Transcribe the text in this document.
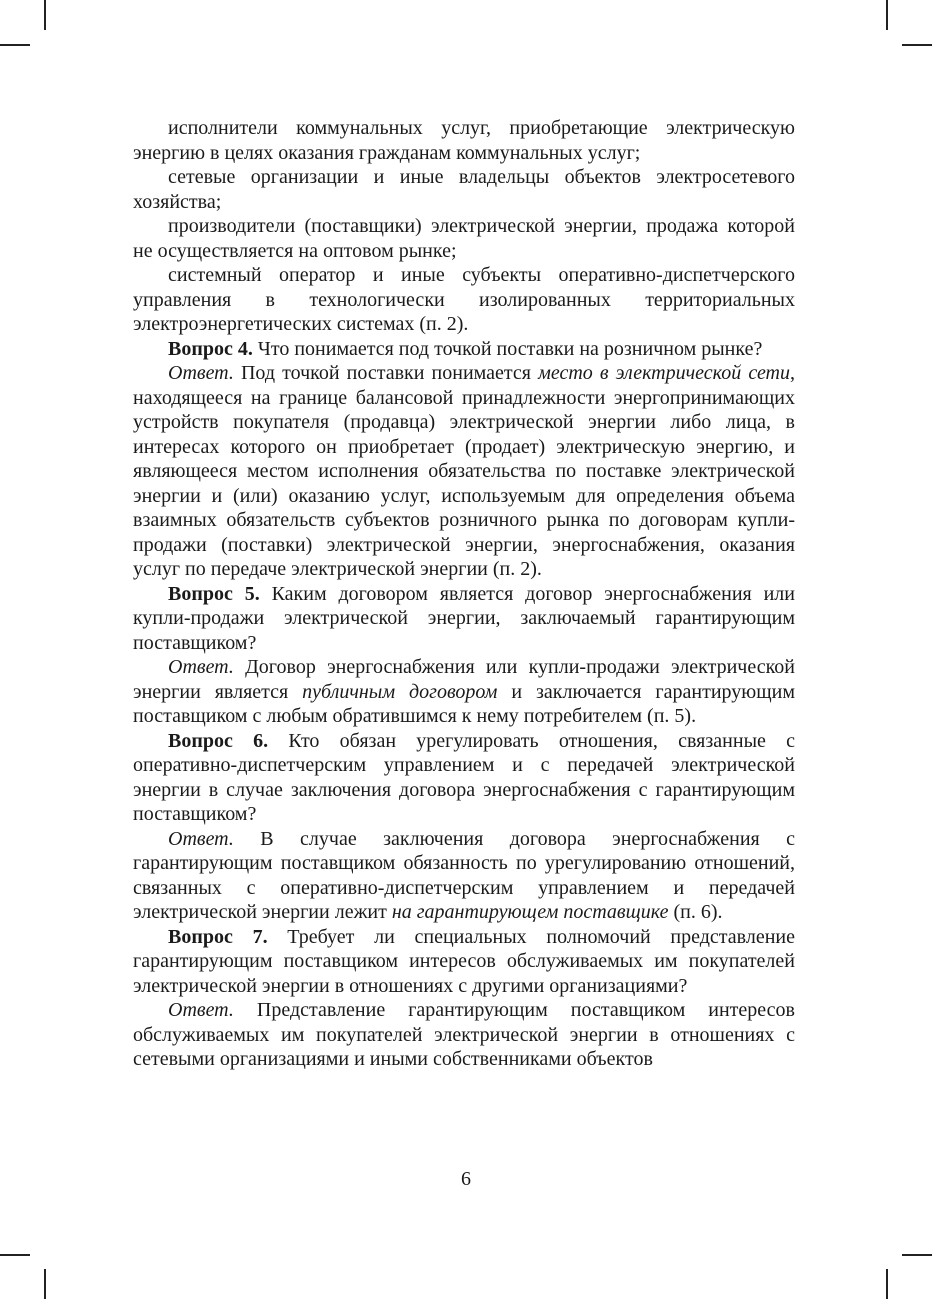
исполнители коммунальных услуг, приобретающие электрическую энергию в целях оказания гражданам коммунальных услуг;

сетевые организации и иные владельцы объектов электросетевого хозяйства;

производители (поставщики) электрической энергии, продажа которой не осуществляется на оптовом рынке;

системный оператор и иные субъекты оперативно-диспетчерского управления в технологически изолированных территориальных электроэнергетических системах (п. 2).

Вопрос 4. Что понимается под точкой поставки на розничном рынке?

Ответ. Под точкой поставки понимается место в электрической сети, находящееся на границе балансовой принадлежности энергопринимающих устройств покупателя (продавца) электрической энергии либо лица, в интересах которого он приобретает (продает) электрическую энергию, и являющееся местом исполнения обязательства по поставке электрической энергии и (или) оказанию услуг, используемым для определения объема взаимных обязательств субъектов розничного рынка по договорам купли-продажи (поставки) электрической энергии, энергоснабжения, оказания услуг по передаче электрической энергии (п. 2).

Вопрос 5. Каким договором является договор энергоснабжения или купли-продажи электрической энергии, заключаемый гарантирующим поставщиком?

Ответ. Договор энергоснабжения или купли-продажи электрической энергии является публичным договором и заключается гарантирующим поставщиком с любым обратившимся к нему потребителем (п. 5).

Вопрос 6. Кто обязан урегулировать отношения, связанные с оперативно-диспетчерским управлением и с передачей электрической энергии в случае заключения договора энергоснабжения с гарантирующим поставщиком?

Ответ. В случае заключения договора энергоснабжения с гарантирующим поставщиком обязанность по урегулированию отношений, связанных с оперативно-диспетчерским управлением и передачей электрической энергии лежит на гарантирующем поставщике (п. 6).

Вопрос 7. Требует ли специальных полномочий представление гарантирующим поставщиком интересов обслуживаемых им покупателей электрической энергии в отношениях с другими организациями?

Ответ. Представление гарантирующим поставщиком интересов обслуживаемых им покупателей электрической энергии в отношениях с сетевыми организациями и иными собственниками объектов

6
